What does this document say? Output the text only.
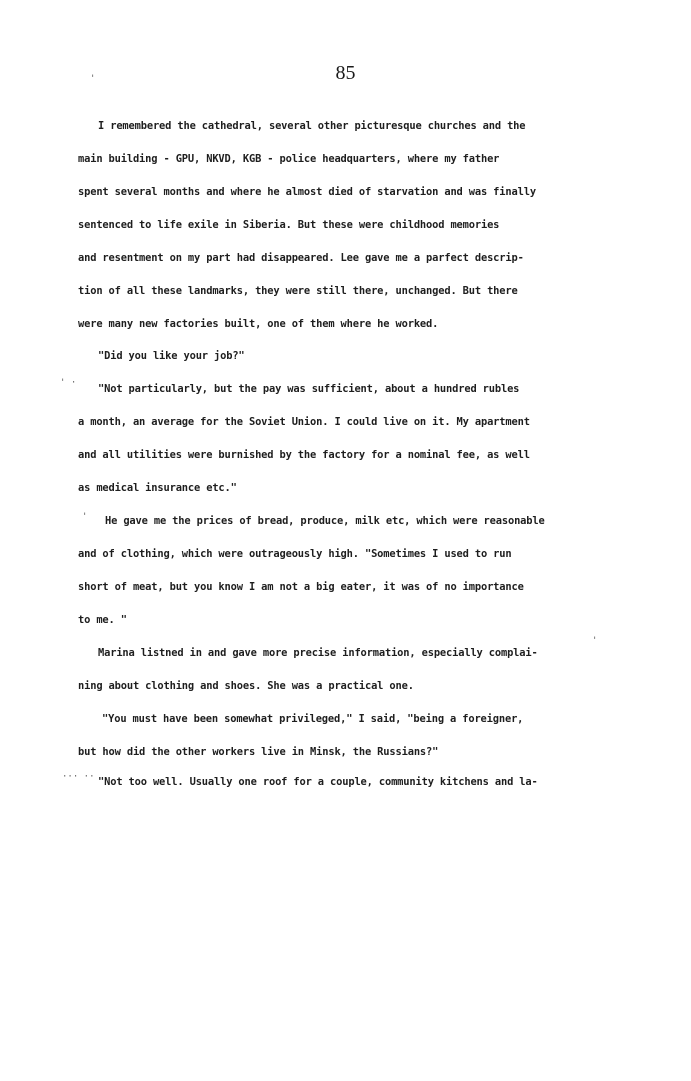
85
'
' ·
'
'
··· ··
I remembered the cathedral, several other picturesque churches and the
main building - GPU, NKVD, KGB - police headquarters, where my father
spent several months and where he almost died of starvation and was finally
sentenced to life exile in Siberia. But these were childhood memories
and resentment on my part had disappeared. Lee gave me a parfect descrip-
tion of all these landmarks, they were still there, unchanged. But there
were many new factories built, one of them where he worked.
"Did you like your job?"
"Not particularly, but the pay was sufficient, about a hundred rubles
a month, an average for the Soviet Union. I could live on it. My apartment
and all utilities were burnished by the factory for a nominal fee, as well
as medical insurance etc."
He gave me the prices of bread, produce, milk etc, which were reasonable
and of clothing, which were outrageously high. "Sometimes I used to run
short of meat, but you know I am not a big eater, it was of no importance
to me. "
Marina listned in and gave more precise information, especially complai-
ning about clothing and shoes. She was a practical one.
"You must have been somewhat privileged," I said, "being a foreigner,
but how did the other workers live in Minsk, the Russians?"
"Not too well. Usually one roof for a couple, community kitchens and la-
